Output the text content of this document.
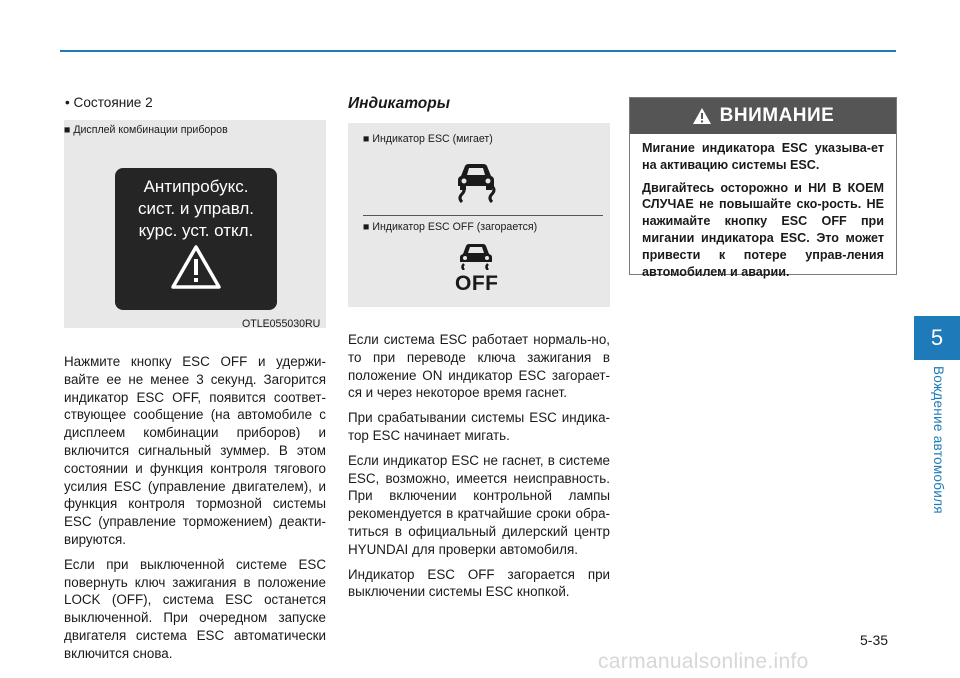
• Состояние 2
■ Дисплей комбинации приборов
Антипробукс.
сист. и управл.
курс. уст. откл.
OTLE055030RU

Нажмите кнопку ESC OFF и удержи-вайте ее не менее 3 секунд. Загорится индикатор ESC OFF, появится соответ-ствующее сообщение (на автомобиле с дисплеем комбинации приборов) и включится сигнальный зуммер. В этом состоянии и функция контроля тягового усилия ESC (управление двигателем), и функция контроля тормозной системы ESC (управление торможением) деакти-вируются.

Если при выключенной системе ESC повернуть ключ зажигания в положение LOCK (OFF), система ESC останется выключенной. При очередном запуске двигателя система ESC автоматически включится снова.

Индикаторы
■ Индикатор ESC (мигает)
■ Индикатор ESC OFF (загорается)
OFF

Если система ESC работает нормаль-но, то при переводе ключа зажигания в положение ON индикатор ESC загорает-ся и через некоторое время гаснет.

При срабатывании системы ESC индика-тор ESC начинает мигать.

Если индикатор ESC не гаснет, в системе ESC, возможно, имеется неисправность. При включении контрольной лампы рекомендуется в кратчайшие сроки обра-титься в официальный дилерский центр HYUNDAI для проверки автомобиля.

Индикатор ESC OFF загорается при выключении системы ESC кнопкой.

ВНИМАНИЕ

Мигание индикатора ESC указыва-ет на активацию системы ESC.

Двигайтесь осторожно и НИ В КОЕМ СЛУЧАЕ не повышайте ско-рость. НЕ нажимайте кнопку ESC OFF при мигании индикатора ESC. Это может привести к потере управ-ления автомобилем и аварии.

5
Вождение автомобиля
5-35
carmanualsonline.info
